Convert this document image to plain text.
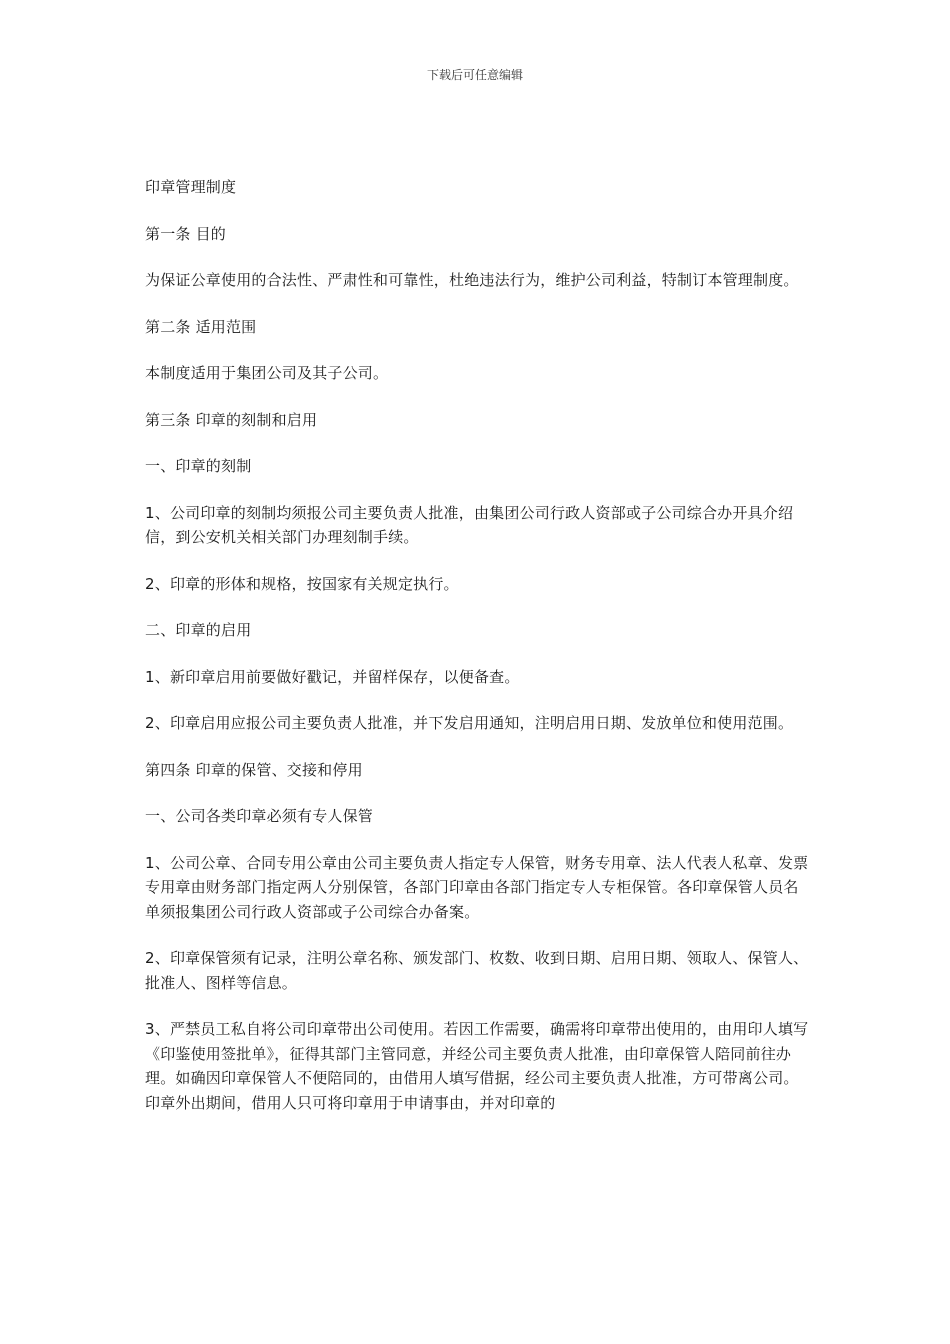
下载后可任意编辑

印章管理制度

第一条 目的

为保证公章使用的合法性、严肃性和可靠性，杜绝违法行为，维护公司利益，特制订本管理制度。

第二条 适用范围

本制度适用于集团公司及其子公司。

第三条 印章的刻制和启用

一、印章的刻制

1、公司印章的刻制均须报公司主要负责人批准，由集团公司行政人资部或子公司综合办开具介绍信，到公安机关相关部门办理刻制手续。

2、印章的形体和规格，按国家有关规定执行。

二、印章的启用

1、新印章启用前要做好戳记，并留样保存，以便备查。

2、印章启用应报公司主要负责人批准，并下发启用通知，注明启用日期、发放单位和使用范围。

第四条 印章的保管、交接和停用

一、公司各类印章必须有专人保管

1、公司公章、合同专用公章由公司主要负责人指定专人保管，财务专用章、法人代表人私章、发票专用章由财务部门指定两人分别保管，各部门印章由各部门指定专人专柜保管。各印章保管人员名单须报集团公司行政人资部或子公司综合办备案。

2、印章保管须有记录，注明公章名称、颁发部门、枚数、收到日期、启用日期、领取人、保管人、批准人、图样等信息。

3、严禁员工私自将公司印章带出公司使用。若因工作需要，确需将印章带出使用的，由用印人填写《印鉴使用签批单》，征得其部门主管同意，并经公司主要负责人批准，由印章保管人陪同前往办理。如确因印章保管人不便陪同的，由借用人填写借据，经公司主要负责人批准，方可带离公司。印章外出期间，借用人只可将印章用于申请事由，并对印章的
